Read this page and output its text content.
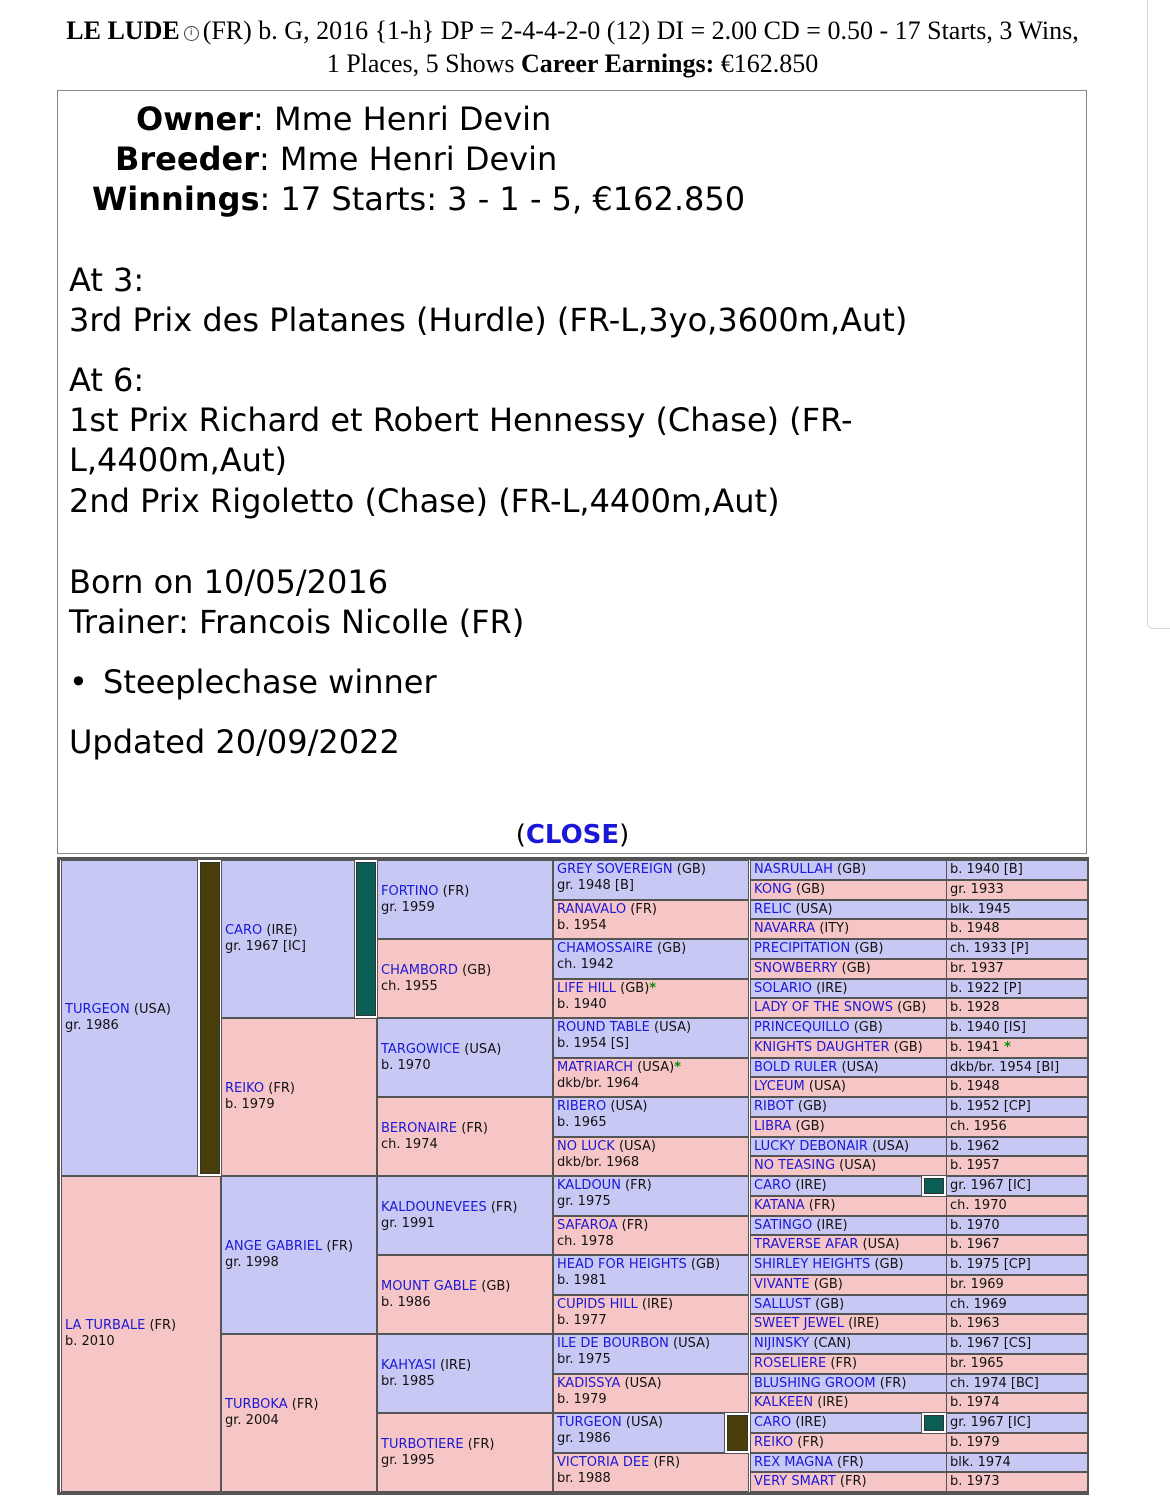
LE LUDE i (FR) b. G, 2016 {1-h} DP = 2-4-4-2-0 (12) DI = 2.00 CD = 0.50 - 17 Starts, 3 Wins,
1 Places, 5 Shows Career Earnings: €162.850
Owner: Mme Henri Devin
Breeder: Mme Henri Devin
Winnings: 17 Starts: 3 - 1 - 5, €162.850
At 3:
3rd Prix des Platanes (Hurdle) (FR-L,3yo,3600m,Aut)
At 6:
1st Prix Richard et Robert Hennessy (Chase) (FR-
L,4400m,Aut)
2nd Prix Rigoletto (Chase) (FR-L,4400m,Aut)
Born on 10/05/2016
Trainer: Francois Nicolle (FR)
• Steeplechase winner
Updated 20/09/2022
(CLOSE)
TURGEON (USA)
gr. 1986
LA TURBALE (FR)
b. 2010
CARO (IRE)
gr. 1967 [IC]
REIKO (FR)
b. 1979
ANGE GABRIEL (FR)
gr. 1998
TURBOKA (FR)
gr. 2004
FORTINO (FR)
gr. 1959
CHAMBORD (GB)
ch. 1955
TARGOWICE (USA)
b. 1970
BERONAIRE (FR)
ch. 1974
KALDOUNEVEES (FR)
gr. 1991
MOUNT GABLE (GB)
b. 1986
KAHYASI (IRE)
br. 1985
TURBOTIERE (FR)
gr. 1995
GREY SOVEREIGN (GB)
gr. 1948 [B]
RANAVALO (FR)
b. 1954
CHAMOSSAIRE (GB)
ch. 1942
LIFE HILL (GB)*
b. 1940
ROUND TABLE (USA)
b. 1954 [S]
MATRIARCH (USA)*
dkb/br. 1964
RIBERO (USA)
b. 1965
NO LUCK (USA)
dkb/br. 1968
KALDOUN (FR)
gr. 1975
SAFAROA (FR)
ch. 1978
HEAD FOR HEIGHTS (GB)
b. 1981
CUPIDS HILL (IRE)
b. 1977
ILE DE BOURBON (USA)
br. 1975
KADISSYA (USA)
b. 1979
TURGEON (USA)
gr. 1986
VICTORIA DEE (FR)
br. 1988
NASRULLAH (GB)	b. 1940 [B]
KONG (GB)	gr. 1933
RELIC (USA)	blk. 1945
NAVARRA (ITY)	b. 1948
PRECIPITATION (GB)	ch. 1933 [P]
SNOWBERRY (GB)	br. 1937
SOLARIO (IRE)	b. 1922 [P]
LADY OF THE SNOWS (GB)	b. 1928
PRINCEQUILLO (GB)	b. 1940 [IS]
KNIGHTS DAUGHTER (GB)	b. 1941 *
BOLD RULER (USA)	dkb/br. 1954 [BI]
LYCEUM (USA)	b. 1948
RIBOT (GB)	b. 1952 [CP]
LIBRA (GB)	ch. 1956
LUCKY DEBONAIR (USA)	b. 1962
NO TEASING (USA)	b. 1957
CARO (IRE)	gr. 1967 [IC]
KATANA (FR)	ch. 1970
SATINGO (IRE)	b. 1970
TRAVERSE AFAR (USA)	b. 1967
SHIRLEY HEIGHTS (GB)	b. 1975 [CP]
VIVANTE (GB)	br. 1969
SALLUST (GB)	ch. 1969
SWEET JEWEL (IRE)	b. 1963
NIJINSKY (CAN)	b. 1967 [CS]
ROSELIERE (FR)	br. 1965
BLUSHING GROOM (FR)	ch. 1974 [BC]
KALKEEN (IRE)	b. 1974
CARO (IRE)	gr. 1967 [IC]
REIKO (FR)	b. 1979
REX MAGNA (FR)	blk. 1974
VERY SMART (FR)	b. 1973
